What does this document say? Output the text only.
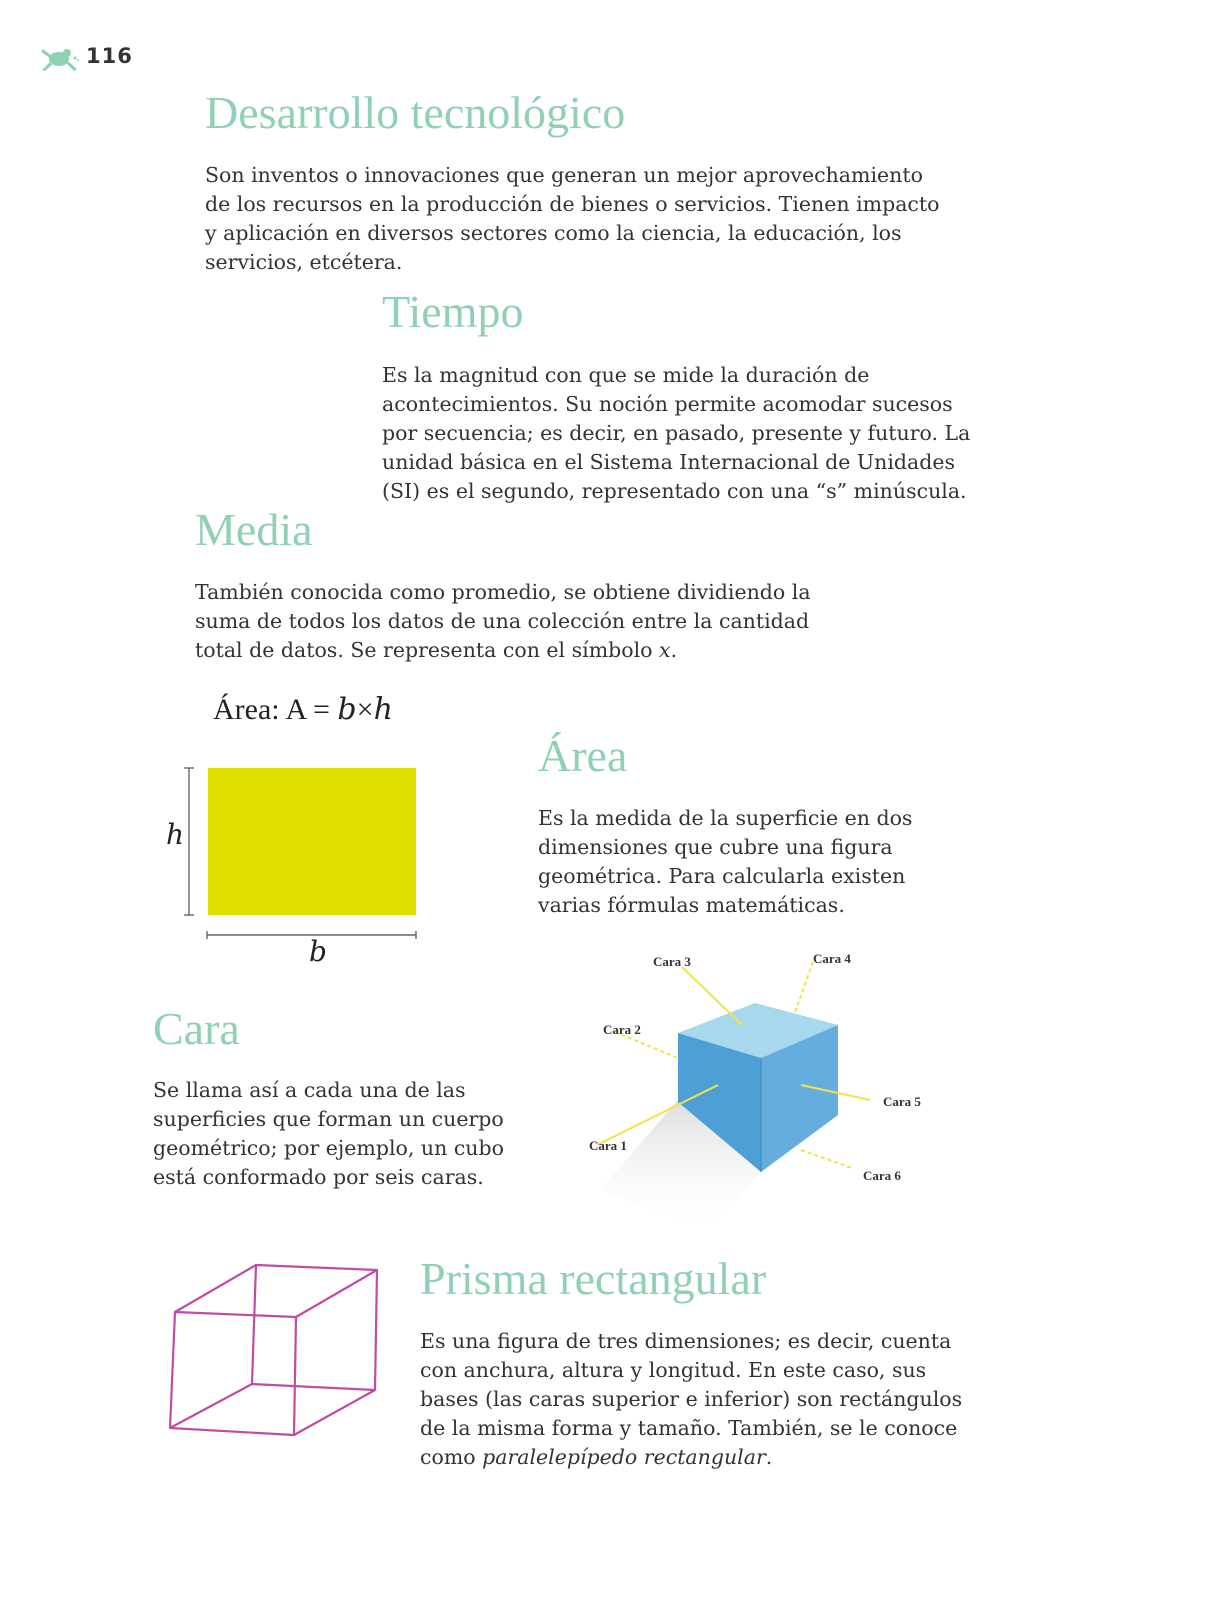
116
Desarrollo tecnológico
Son inventos o innovaciones que generan un mejor aprovechamiento
de los recursos en la producción de bienes o servicios. Tienen impacto
y aplicación en diversos sectores como la ciencia, la educación, los
servicios, etcétera.
Tiempo
Es la magnitud con que se mide la duración de
acontecimientos. Su noción permite acomodar sucesos
por secuencia; es decir, en pasado, presente y futuro. La
unidad básica en el Sistema Internacional de Unidades
(SI) es el segundo, representado con una “s” minúscula.
Media
También conocida como promedio, se obtiene dividiendo la
suma de todos los datos de una colección entre la cantidad
total de datos. Se representa con el símbolo x.
Área: A = b×h
h
b
Área
Es la medida de la superficie en dos
dimensiones que cubre una figura
geométrica. Para calcularla existen
varias fórmulas matemáticas.
Cara
Se llama así a cada una de las
superficies que forman un cuerpo
geométrico; por ejemplo, un cubo
está conformado por seis caras.
Cara 1
Cara 2
Cara 3	Cara 4
Cara 5
Cara 6
Prisma rectangular
Es una figura de tres dimensiones; es decir, cuenta
con anchura, altura y longitud. En este caso, sus
bases (las caras superior e inferior) son rectángulos
de la misma forma y tamaño. También, se le conoce
como paralelepípedo rectangular.
